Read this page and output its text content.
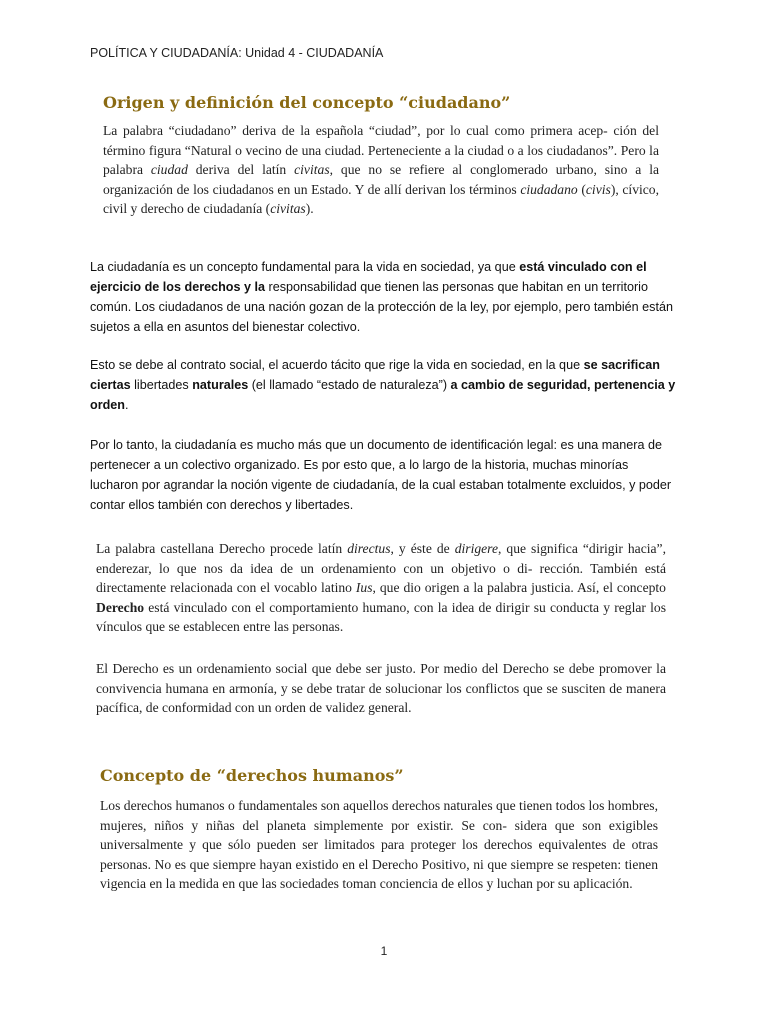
POLÍTICA Y CIUDADANÍA: Unidad 4 - CIUDADANÍA
Origen y definición del concepto “ciudadano”

La palabra “ciudadano” deriva de la española “ciudad”, por lo cual como primera acep- ción del término figura “Natural o vecino de una ciudad. Perteneciente a la ciudad o a los ciudadanos”. Pero la palabra ciudad deriva del latín civitas, que no se refiere al conglomerado urbano, sino a la organización de los ciudadanos en un Estado. Y de allí derivan los términos ciudadano (civis), cívico, civil y derecho de ciudadanía (civitas).

La ciudadanía es un concepto fundamental para la vida en sociedad, ya que está vinculado con el ejercicio de los derechos y la responsabilidad que tienen las personas que habitan en un territorio común. Los ciudadanos de una nación gozan de la protección de la ley, por ejemplo, pero también están sujetos a ella en asuntos del bienestar colectivo.

Esto se debe al contrato social, el acuerdo tácito que rige la vida en sociedad, en la que se sacrifican ciertas libertades naturales (el llamado “estado de naturaleza”) a cambio de seguridad, pertenencia y orden.

Por lo tanto, la ciudadanía es mucho más que un documento de identificación legal: es una manera de pertenecer a un colectivo organizado. Es por esto que, a lo largo de la historia, muchas minorías lucharon por agrandar la noción vigente de ciudadanía, de la cual estaban totalmente excluidos, y poder contar ellos también con derechos y libertades.

La palabra castellana Derecho procede latín directus, y éste de dirigere, que significa “dirigir hacia”, enderezar, lo que nos da idea de un ordenamiento con un objetivo o di- rección. También está directamente relacionada con el vocablo latino Ius, que dio origen a la palabra justicia. Así, el concepto Derecho está vinculado con el comportamiento humano, con la idea de dirigir su conducta y reglar los vínculos que se establecen entre las personas.

El Derecho es un ordenamiento social que debe ser justo. Por medio del Derecho se debe promover la convivencia humana en armonía, y se debe tratar de solucionar los conflictos que se susciten de manera pacífica, de conformidad con un orden de validez general.

Concepto de “derechos humanos”

Los derechos humanos o fundamentales son aquellos derechos naturales que tienen todos los hombres, mujeres, niños y niñas del planeta simplemente por existir. Se con- sidera que son exigibles universalmente y que sólo pueden ser limitados para proteger los derechos equivalentes de otras personas. No es que siempre hayan existido en el Derecho Positivo, ni que siempre se respeten: tienen vigencia en la medida en que las sociedades toman conciencia de ellos y luchan por su aplicación.

1
